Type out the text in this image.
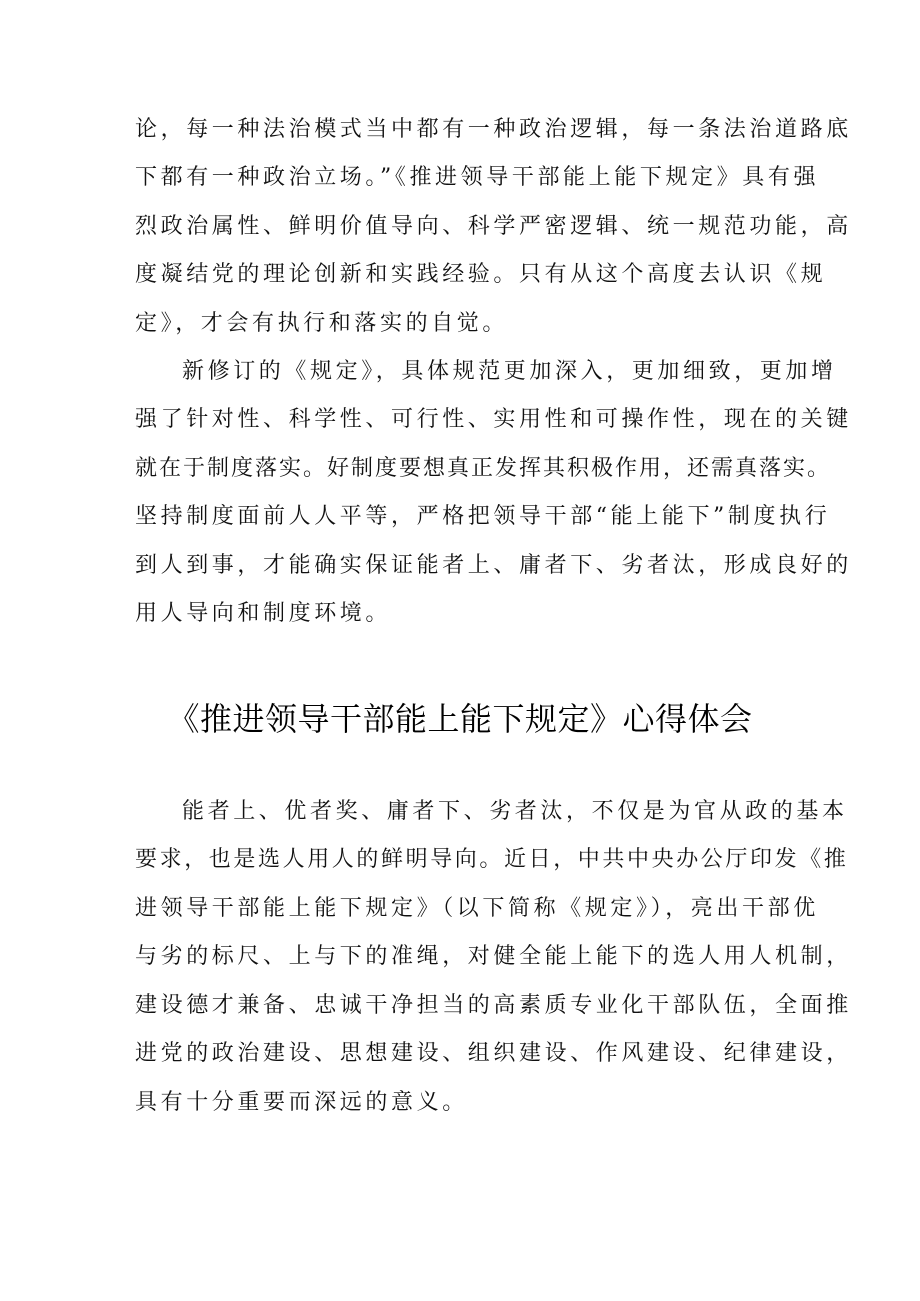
论，每一种法治模式当中都有一种政治逻辑，每一条法治道路底
下都有一种政治立场。”《推进领导干部能上能下规定》具有强
烈政治属性、鲜明价值导向、科学严密逻辑、统一规范功能，高
度凝结党的理论创新和实践经验。只有从这个高度去认识《规
定》，才会有执行和落实的自觉。
新修订的《规定》，具体规范更加深入，更加细致，更加增
强了针对性、科学性、可行性、实用性和可操作性，现在的关键
就在于制度落实。好制度要想真正发挥其积极作用，还需真落实。
坚持制度面前人人平等，严格把领导干部“能上能下”制度执行
到人到事，才能确实保证能者上、庸者下、劣者汰，形成良好的
用人导向和制度环境。
《推进领导干部能上能下规定》心得体会
能者上、优者奖、庸者下、劣者汰，不仅是为官从政的基本
要求，也是选人用人的鲜明导向。近日，中共中央办公厅印发《推
进领导干部能上能下规定》（以下简称《规定》），亮出干部优
与劣的标尺、上与下的准绳，对健全能上能下的选人用人机制，
建设德才兼备、忠诚干净担当的高素质专业化干部队伍，全面推
进党的政治建设、思想建设、组织建设、作风建设、纪律建设，
具有十分重要而深远的意义。
